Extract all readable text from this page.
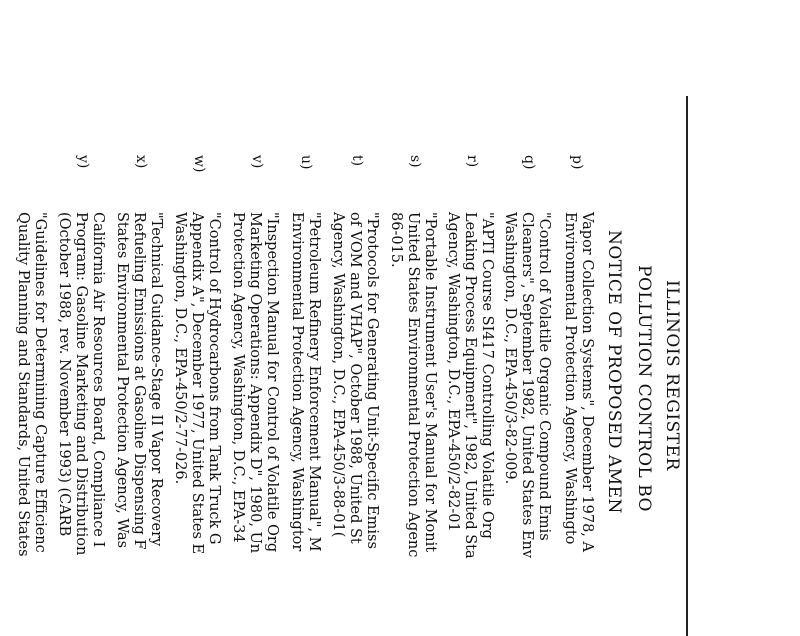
ILLINOIS REGISTER
POLLUTION CONTROL BO
NOTICE OF PROPOSED AMEN
p)
Vapor Collection Systems", December 1978, A
Environmental Protection Agency, Washingto
q)
"Control of Volatile Organic Compound Emis
Cleaners", September 1982, United States Env
Washington, D.C., EPA-450/3-82-009.
r)
"APTI Course SI417 Controlling Volatile Org
Leaking Process Equipment", 1982, United Sta
Agency, Washington, D.C., EPA-450/2-82-01
s)
"Portable Instrument User's Manual for Monit
United States Environmental Protection Agenc
86-015.
t)
"Protocols for Generating Unit-Specific Emiss
of VOM and VHAP", October 1988, United St
Agency, Washington, D.C., EPA-450/3-88-01(
u)
"Petroleum Refinery Enforcement Manual", M
Environmental Protection Agency, Washingtor
v)
"Inspection Manual for Control of Volatile Org
Marketing Operations: Appendix D", 1980, Un
Protection Agency, Washington, D.C., EPA-34
w)
"Control of Hydrocarbons from Tank Truck G
Appendix A", December 1977, United States E
Washington, D.C., EPA-450/2-77-026.
x)
"Technical Guidance-Stage II Vapor Recovery
Refueling Emissions at Gasoline Dispensing F
States Environmental Protection Agency, Was
y)
California Air Resources Board, Compliance I
Program: Gasoline Marketing and Distribution
(October 1988, rev. November 1993) (CARB
"Guidelines for Determining Capture Efficienc
Quality Planning and Standards, United States
